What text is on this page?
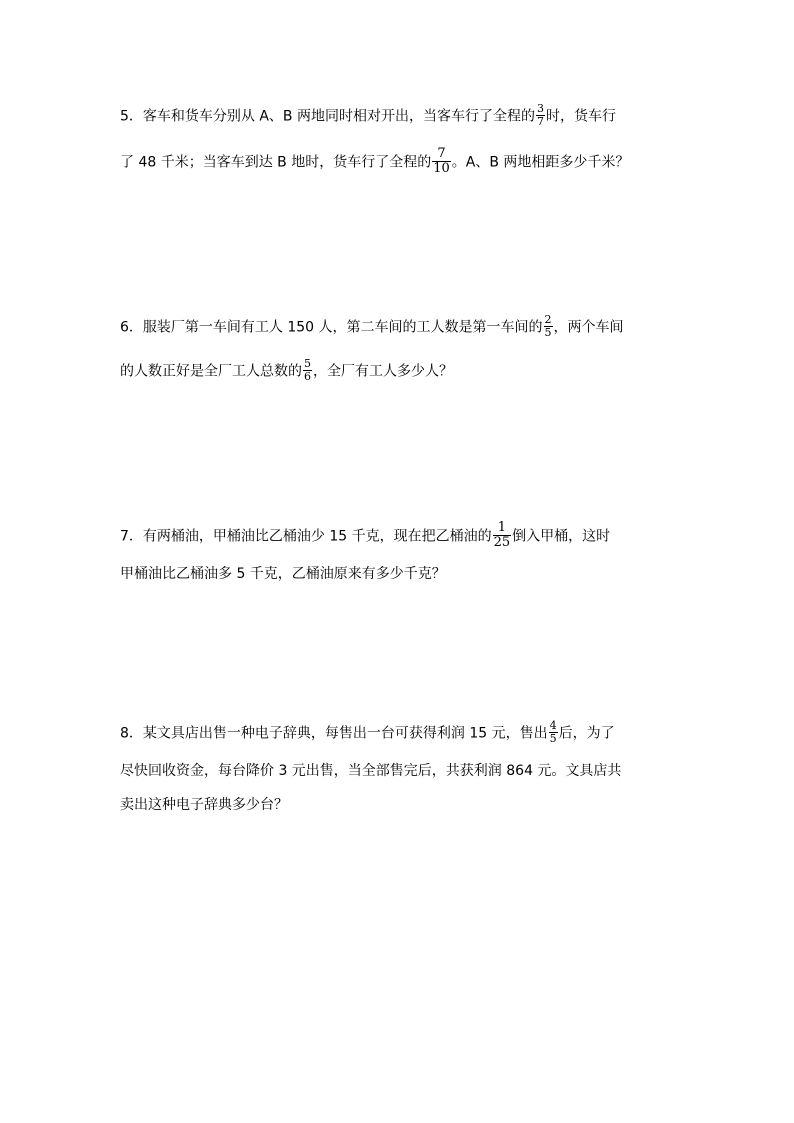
5．客车和货车分别从 A、B 两地同时相对开出，当客车行了全程的 $\frac{3}{7}$ 时，货车行
了 48 千米；当客车到达 B 地时，货车行了全程的 $\frac{7}{10}$ 。A、B 两地相距多少千米？
6．服装厂第一车间有工人 150 人，第二车间的工人数是第一车间的 $\frac{2}{5}$ ，两个车间
的人数正好是全厂工人总数的 $\frac{5}{6}$ ，全厂有工人多少人？
7．有两桶油，甲桶油比乙桶油少 15 千克，现在把乙桶油的 $\frac{1}{25}$ 倒入甲桶，这时
甲桶油比乙桶油多 5 千克，乙桶油原来有多少千克？
8．某文具店出售一种电子辞典，每售出一台可获得利润 15 元，售出 $\frac{4}{5}$ 后，为了
尽快回收资金，每台降价 3 元出售，当全部售完后，共获利润 864 元。文具店共
卖出这种电子辞典多少台？
